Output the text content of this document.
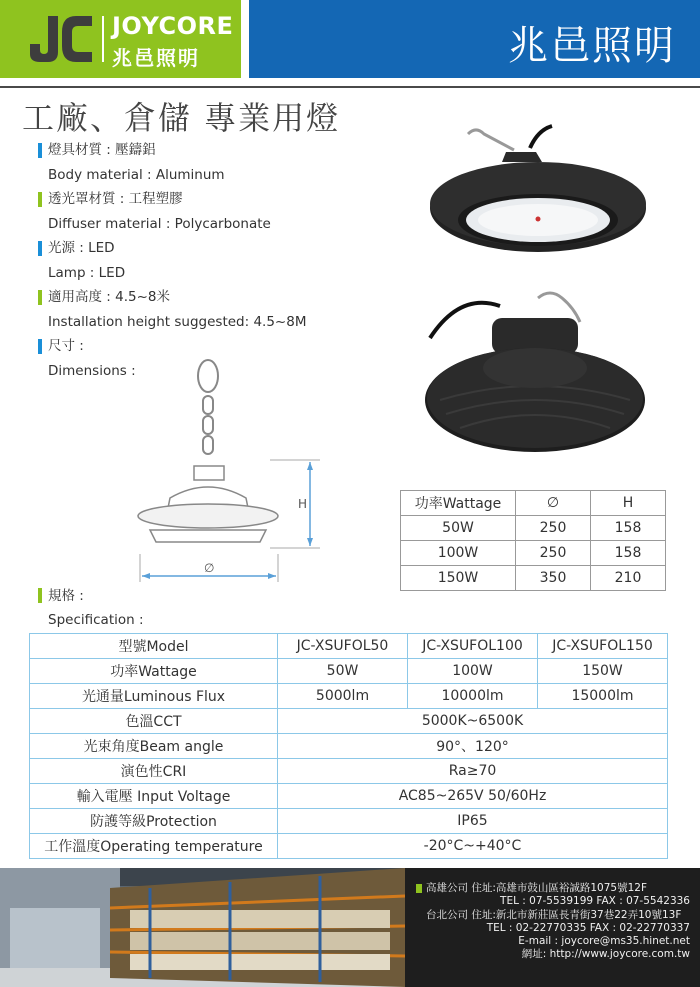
JOYCORE
兆邑照明	兆邑照明
工廠、倉儲 專業用燈
燈具材質 : 壓鑄鋁
Body material : Aluminum
透光罩材質 : 工程塑膠
Diffuser material : Polycarbonate
光源 : LED
Lamp : LED
適用高度 : 4.5~8米
Installation height suggested: 4.5~8M
尺寸 :
Dimensions :
H
∅
功率Wattage	∅	H
50W	250	158
100W	250	158
150W	350	210
規格 :
Specification :
型號Model	JC-XSUFOL50	JC-XSUFOL100	JC-XSUFOL150
功率Wattage	50W	100W	150W
光通量Luminous Flux	5000lm	10000lm	15000lm
色溫CCT	5000K~6500K		
光束角度Beam angle	90°、120°		
演色性CRI	Ra≥70		
輸入電壓 Input Voltage	AC85~265V 50/60Hz		
防護等級Protection	IP65		
工作溫度Operating temperature	-20°C~+40°C		
高雄公司 住址:高雄市鼓山區裕誠路1075號12F
TEL : 07-5539199 FAX : 07-5542336
台北公司 住址:新北市新莊區長青街37巷22弄10號13F
TEL : 02-22770335 FAX : 02-22770337
E-mail : joycore@ms35.hinet.net
網址: http://www.joycore.com.tw
